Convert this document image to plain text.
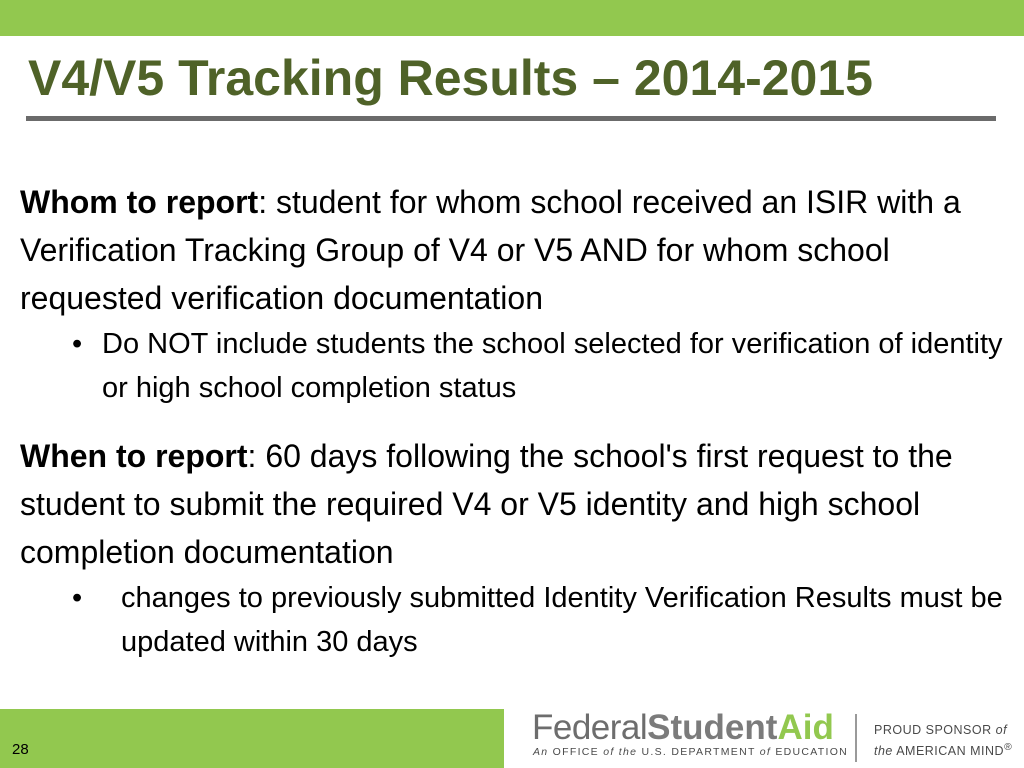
V4/V5 Tracking Results – 2014-2015

Whom to report: student for whom school received an ISIR with a Verification Tracking Group of V4 or V5 AND for whom school requested verification documentation

• Do NOT include students the school selected for verification of identity or high school completion status

When to report: 60 days following the school's first request to the student to submit the required V4 or V5 identity and high school completion documentation

• changes to previously submitted Identity Verification Results must be updated within 30 days

28
FederalStudentAid
An OFFICE of the U.S. DEPARTMENT of EDUCATION
PROUD SPONSOR of
the AMERICAN MIND®
